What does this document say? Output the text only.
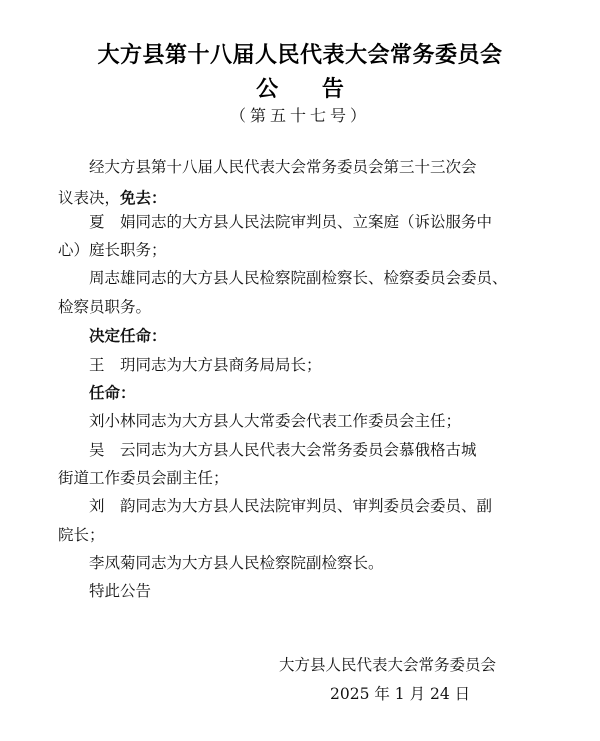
大方县第十八届人民代表大会常务委员会
公 告
（第五十七号）
经大方县第十八届人民代表大会常务委员会第三十三次会
议表决，免去：
夏　娟同志的大方县人民法院审判员、立案庭（诉讼服务中
心）庭长职务；
周志雄同志的大方县人民检察院副检察长、检察委员会委员、
检察员职务。
决定任命：
王　玥同志为大方县商务局局长；
任命：
刘小林同志为大方县人大常委会代表工作委员会主任；
吴　云同志为大方县人民代表大会常务委员会慕俄格古城
街道工作委员会副主任；
刘　韵同志为大方县人民法院审判员、审判委员会委员、副
院长；
李凤菊同志为大方县人民检察院副检察长。
特此公告
大方县人民代表大会常务委员会
2025 年 1 月 24 日
